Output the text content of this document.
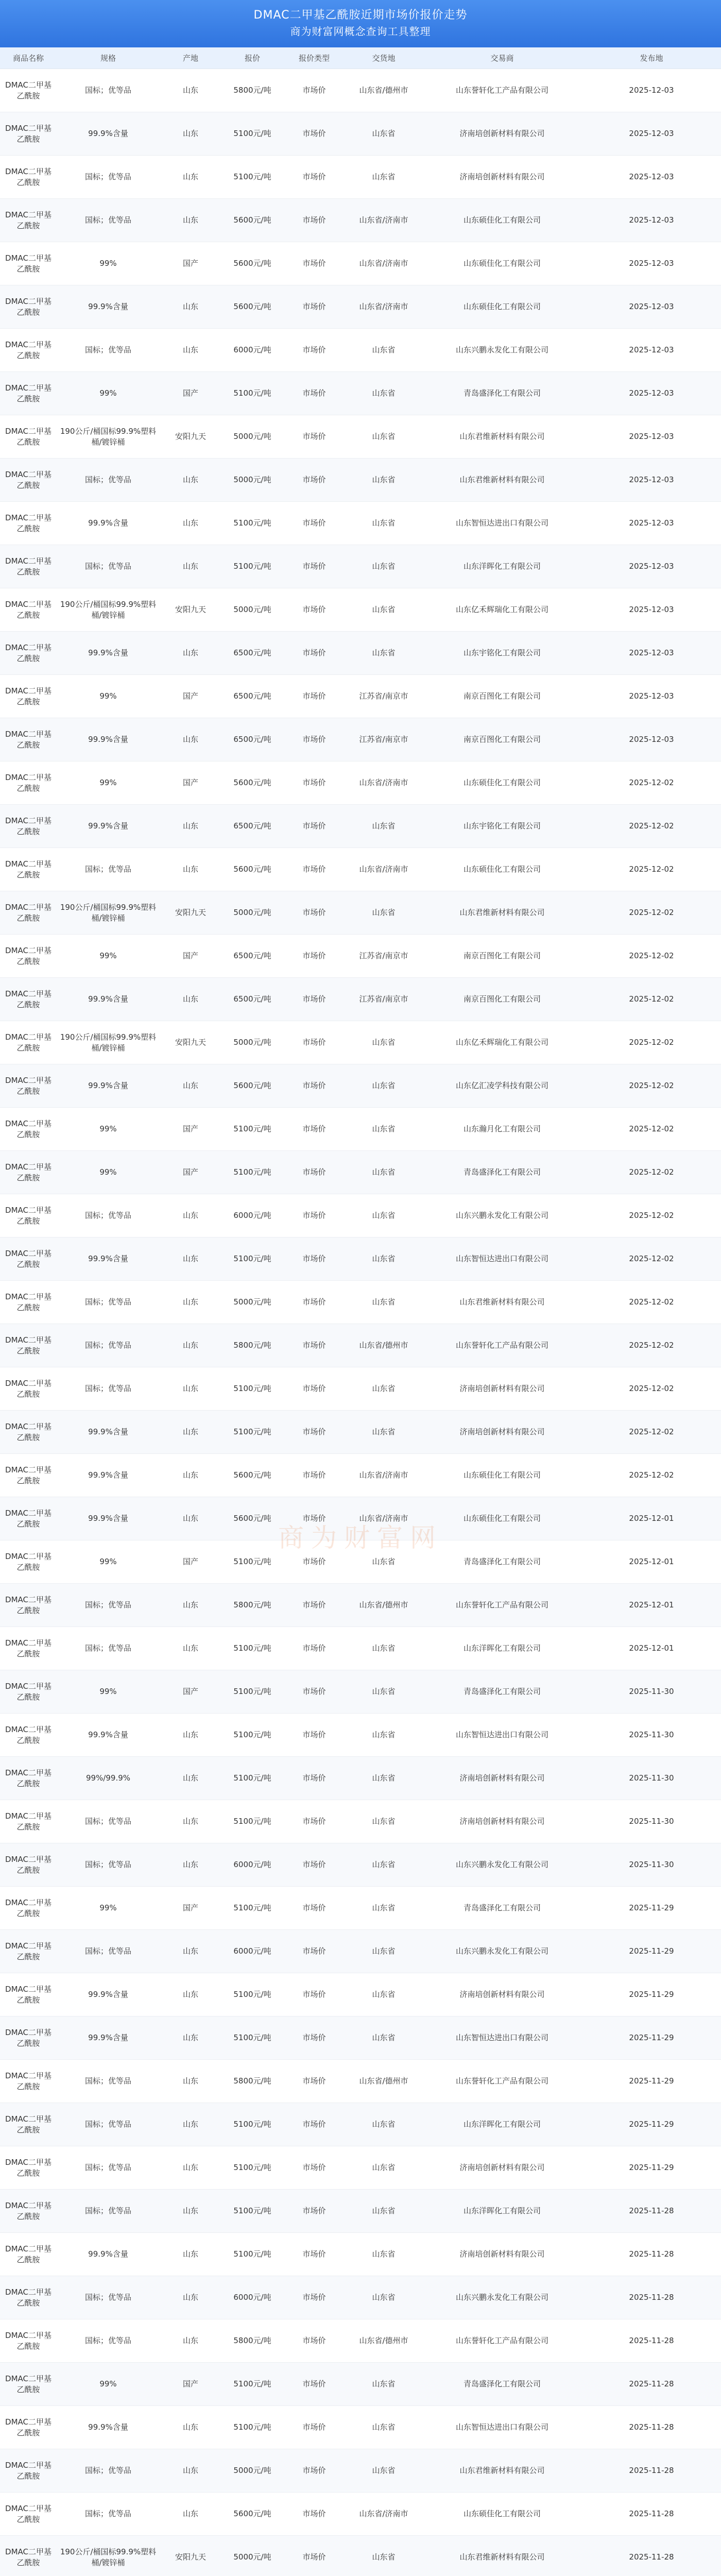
DMAC二甲基乙酰胺近期市场价报价走势
商为财富网概念查询工具整理
商品名称	规格	产地	报价	报价类型	交货地	交易商	发布地
DMAC二甲基乙酰胺	国标；优等品	山东	5800元/吨	市场价	山东省/德州市	山东誉轩化工产品有限公司	2025-12-03
DMAC二甲基乙酰胺	99.9%含量	山东	5100元/吨	市场价	山东省	济南培创新材料有限公司	2025-12-03
DMAC二甲基乙酰胺	国标；优等品	山东	5100元/吨	市场价	山东省	济南培创新材料有限公司	2025-12-03
DMAC二甲基乙酰胺	国标；优等品	山东	5600元/吨	市场价	山东省/济南市	山东硕佳化工有限公司	2025-12-03
DMAC二甲基乙酰胺	99%	国产	5600元/吨	市场价	山东省/济南市	山东硕佳化工有限公司	2025-12-03
DMAC二甲基乙酰胺	99.9%含量	山东	5600元/吨	市场价	山东省/济南市	山东硕佳化工有限公司	2025-12-03
DMAC二甲基乙酰胺	国标；优等品	山东	6000元/吨	市场价	山东省	山东兴鹏永发化工有限公司	2025-12-03
DMAC二甲基乙酰胺	99%	国产	5100元/吨	市场价	山东省	青岛盛泽化工有限公司	2025-12-03
DMAC二甲基乙酰胺	190公斤/桶国标99.9%塑料桶/镀锌桶	安阳九天	5000元/吨	市场价	山东省	山东君维新材料有限公司	2025-12-03
DMAC二甲基乙酰胺	国标；优等品	山东	5000元/吨	市场价	山东省	山东君维新材料有限公司	2025-12-03
DMAC二甲基乙酰胺	99.9%含量	山东	5100元/吨	市场价	山东省	山东智恒达进出口有限公司	2025-12-03
DMAC二甲基乙酰胺	国标；优等品	山东	5100元/吨	市场价	山东省	山东洋晖化工有限公司	2025-12-03
DMAC二甲基乙酰胺	190公斤/桶国标99.9%塑料桶/镀锌桶	安阳九天	5000元/吨	市场价	山东省	山东亿禾辉瑞化工有限公司	2025-12-03
DMAC二甲基乙酰胺	99.9%含量	山东	6500元/吨	市场价	山东省	山东宇铭化工有限公司	2025-12-03
DMAC二甲基乙酰胺	99%	国产	6500元/吨	市场价	江苏省/南京市	南京百图化工有限公司	2025-12-03
DMAC二甲基乙酰胺	99.9%含量	山东	6500元/吨	市场价	江苏省/南京市	南京百图化工有限公司	2025-12-03
DMAC二甲基乙酰胺	99%	国产	5600元/吨	市场价	山东省/济南市	山东硕佳化工有限公司	2025-12-02
DMAC二甲基乙酰胺	99.9%含量	山东	6500元/吨	市场价	山东省	山东宇铭化工有限公司	2025-12-02
DMAC二甲基乙酰胺	国标；优等品	山东	5600元/吨	市场价	山东省/济南市	山东硕佳化工有限公司	2025-12-02
DMAC二甲基乙酰胺	190公斤/桶国标99.9%塑料桶/镀锌桶	安阳九天	5000元/吨	市场价	山东省	山东君维新材料有限公司	2025-12-02
DMAC二甲基乙酰胺	99%	国产	6500元/吨	市场价	江苏省/南京市	南京百图化工有限公司	2025-12-02
DMAC二甲基乙酰胺	99.9%含量	山东	6500元/吨	市场价	江苏省/南京市	南京百图化工有限公司	2025-12-02
DMAC二甲基乙酰胺	190公斤/桶国标99.9%塑料桶/镀锌桶	安阳九天	5000元/吨	市场价	山东省	山东亿禾辉瑞化工有限公司	2025-12-02
DMAC二甲基乙酰胺	99.9%含量	山东	5600元/吨	市场价	山东省	山东亿汇凌学科技有限公司	2025-12-02
DMAC二甲基乙酰胺	99%	国产	5100元/吨	市场价	山东省	山东瀚月化工有限公司	2025-12-02
DMAC二甲基乙酰胺	99%	国产	5100元/吨	市场价	山东省	青岛盛泽化工有限公司	2025-12-02
DMAC二甲基乙酰胺	国标；优等品	山东	6000元/吨	市场价	山东省	山东兴鹏永发化工有限公司	2025-12-02
DMAC二甲基乙酰胺	99.9%含量	山东	5100元/吨	市场价	山东省	山东智恒达进出口有限公司	2025-12-02
DMAC二甲基乙酰胺	国标；优等品	山东	5000元/吨	市场价	山东省	山东君维新材料有限公司	2025-12-02
DMAC二甲基乙酰胺	国标；优等品	山东	5800元/吨	市场价	山东省/德州市	山东誉轩化工产品有限公司	2025-12-02
DMAC二甲基乙酰胺	国标；优等品	山东	5100元/吨	市场价	山东省	济南培创新材料有限公司	2025-12-02
DMAC二甲基乙酰胺	99.9%含量	山东	5100元/吨	市场价	山东省	济南培创新材料有限公司	2025-12-02
DMAC二甲基乙酰胺	99.9%含量	山东	5600元/吨	市场价	山东省/济南市	山东硕佳化工有限公司	2025-12-02
DMAC二甲基乙酰胺	99.9%含量	山东	5600元/吨	市场价	山东省/济南市	山东硕佳化工有限公司	2025-12-01
DMAC二甲基乙酰胺	99%	国产	5100元/吨	市场价	山东省	青岛盛泽化工有限公司	2025-12-01
DMAC二甲基乙酰胺	国标；优等品	山东	5800元/吨	市场价	山东省/德州市	山东誉轩化工产品有限公司	2025-12-01
DMAC二甲基乙酰胺	国标；优等品	山东	5100元/吨	市场价	山东省	山东洋晖化工有限公司	2025-12-01
DMAC二甲基乙酰胺	99%	国产	5100元/吨	市场价	山东省	青岛盛泽化工有限公司	2025-11-30
DMAC二甲基乙酰胺	99.9%含量	山东	5100元/吨	市场价	山东省	山东智恒达进出口有限公司	2025-11-30
DMAC二甲基乙酰胺	99%/99.9%	山东	5100元/吨	市场价	山东省	济南培创新材料有限公司	2025-11-30
DMAC二甲基乙酰胺	国标；优等品	山东	5100元/吨	市场价	山东省	济南培创新材料有限公司	2025-11-30
DMAC二甲基乙酰胺	国标；优等品	山东	6000元/吨	市场价	山东省	山东兴鹏永发化工有限公司	2025-11-30
DMAC二甲基乙酰胺	99%	国产	5100元/吨	市场价	山东省	青岛盛泽化工有限公司	2025-11-29
DMAC二甲基乙酰胺	国标；优等品	山东	6000元/吨	市场价	山东省	山东兴鹏永发化工有限公司	2025-11-29
DMAC二甲基乙酰胺	99.9%含量	山东	5100元/吨	市场价	山东省	济南培创新材料有限公司	2025-11-29
DMAC二甲基乙酰胺	99.9%含量	山东	5100元/吨	市场价	山东省	山东智恒达进出口有限公司	2025-11-29
DMAC二甲基乙酰胺	国标；优等品	山东	5800元/吨	市场价	山东省/德州市	山东誉轩化工产品有限公司	2025-11-29
DMAC二甲基乙酰胺	国标；优等品	山东	5100元/吨	市场价	山东省	山东洋晖化工有限公司	2025-11-29
DMAC二甲基乙酰胺	国标；优等品	山东	5100元/吨	市场价	山东省	济南培创新材料有限公司	2025-11-29
DMAC二甲基乙酰胺	国标；优等品	山东	5100元/吨	市场价	山东省	山东洋晖化工有限公司	2025-11-28
DMAC二甲基乙酰胺	99.9%含量	山东	5100元/吨	市场价	山东省	济南培创新材料有限公司	2025-11-28
DMAC二甲基乙酰胺	国标；优等品	山东	6000元/吨	市场价	山东省	山东兴鹏永发化工有限公司	2025-11-28
DMAC二甲基乙酰胺	国标；优等品	山东	5800元/吨	市场价	山东省/德州市	山东誉轩化工产品有限公司	2025-11-28
DMAC二甲基乙酰胺	99%	国产	5100元/吨	市场价	山东省	青岛盛泽化工有限公司	2025-11-28
DMAC二甲基乙酰胺	99.9%含量	山东	5100元/吨	市场价	山东省	山东智恒达进出口有限公司	2025-11-28
DMAC二甲基乙酰胺	国标；优等品	山东	5000元/吨	市场价	山东省	山东君维新材料有限公司	2025-11-28
DMAC二甲基乙酰胺	国标；优等品	山东	5600元/吨	市场价	山东省/济南市	山东硕佳化工有限公司	2025-11-28
DMAC二甲基乙酰胺	190公斤/桶国标99.9%塑料桶/镀锌桶	安阳九天	5000元/吨	市场价	山东省	山东君维新材料有限公司	2025-11-28

商为财富网
